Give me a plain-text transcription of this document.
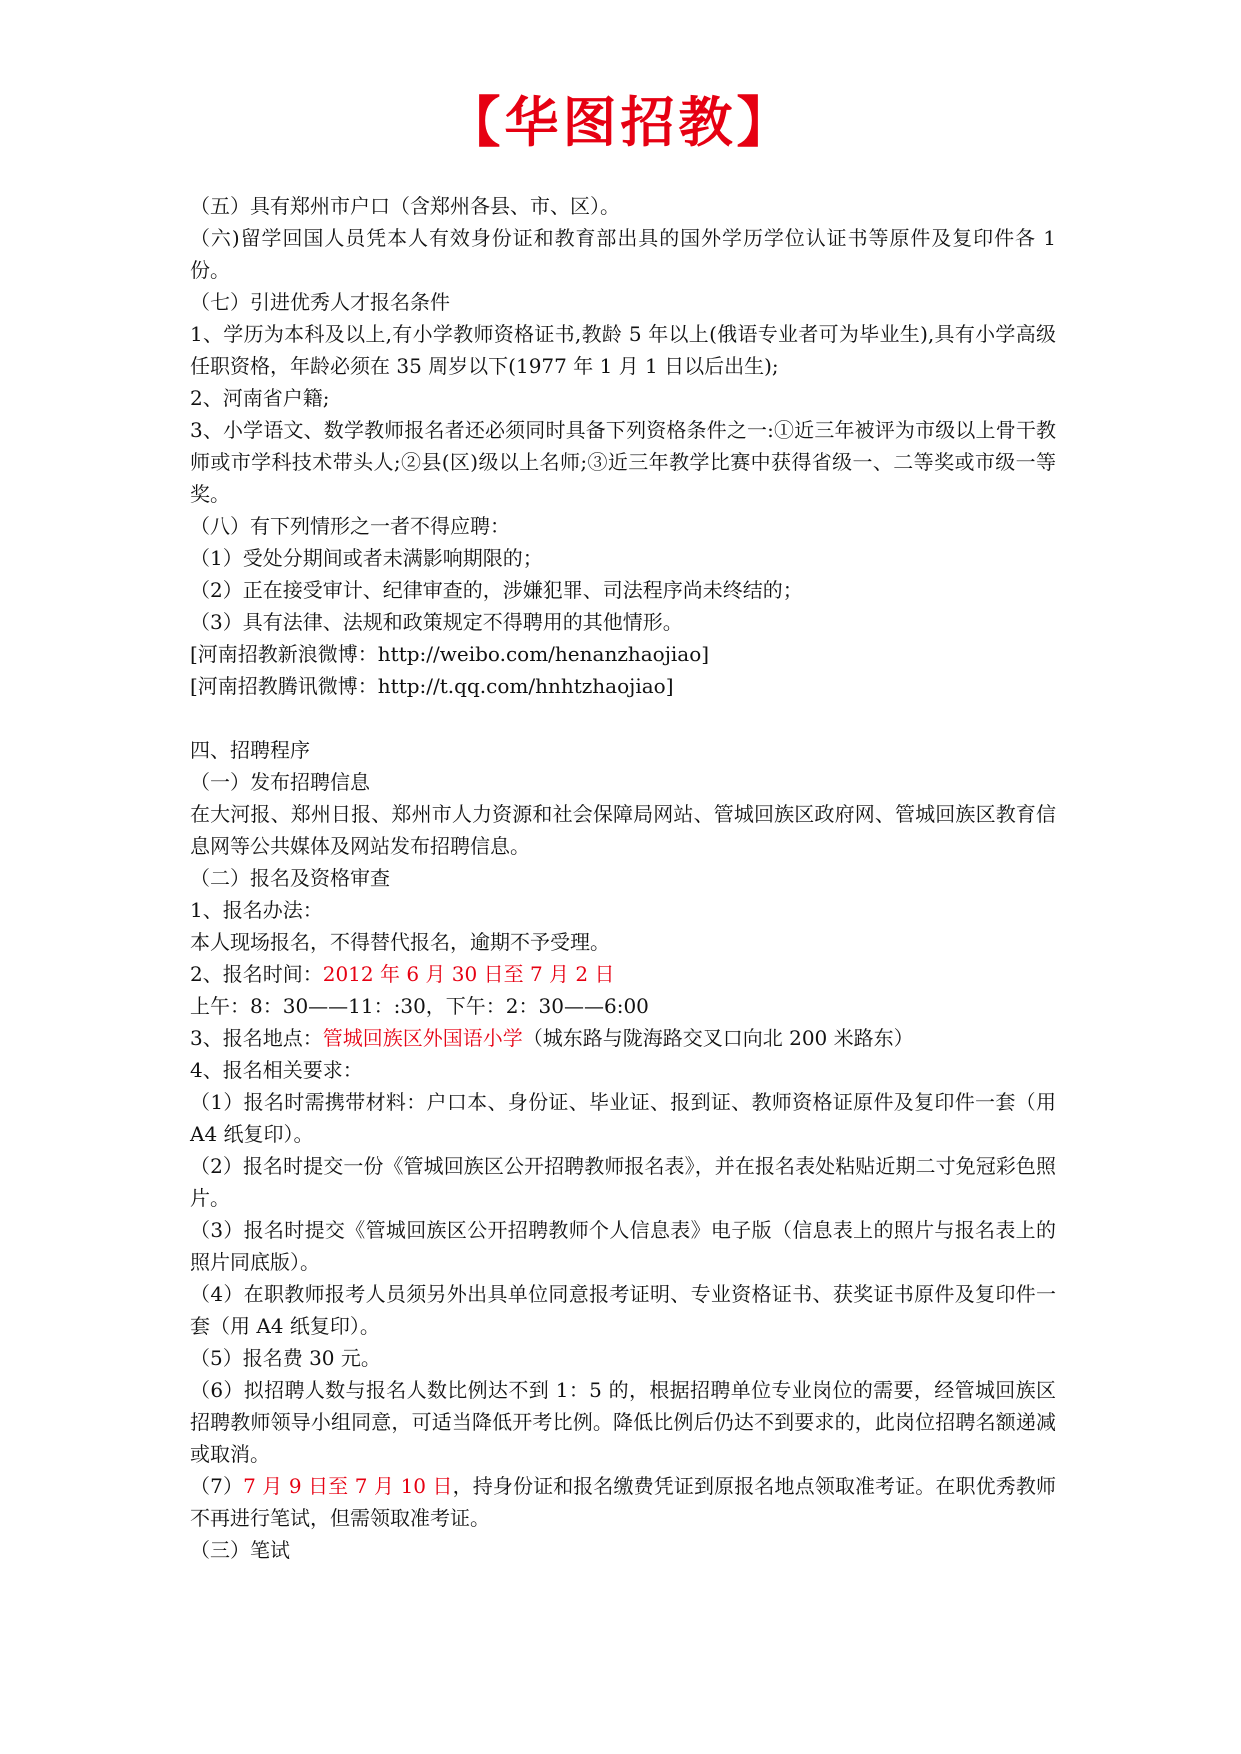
【华图招教】

（五）具有郑州市户口（含郑州各县、市、区）。

（六)留学回国人员凭本人有效身份证和教育部出具的国外学历学位认证书等原件及复印件各 1 份。

（七）引进优秀人才报名条件

1、学历为本科及以上,有小学教师资格证书,教龄 5 年以上(俄语专业者可为毕业生),具有小学高级任职资格，年龄必须在 35 周岁以下(1977 年 1 月 1 日以后出生);

2、河南省户籍;

3、小学语文、数学教师报名者还必须同时具备下列资格条件之一:①近三年被评为市级以上骨干教师或市学科技术带头人;②县(区)级以上名师;③近三年教学比赛中获得省级一、二等奖或市级一等奖。

（八）有下列情形之一者不得应聘：

（1）受处分期间或者未满影响期限的；

（2）正在接受审计、纪律审查的，涉嫌犯罪、司法程序尚未终结的；

（3）具有法律、法规和政策规定不得聘用的其他情形。

[河南招教新浪微博：http://weibo.com/henanzhaojiao]

[河南招教腾讯微博：http://t.qq.com/hnhtzhaojiao]

四、招聘程序

（一）发布招聘信息

在大河报、郑州日报、郑州市人力资源和社会保障局网站、管城回族区政府网、管城回族区教育信息网等公共媒体及网站发布招聘信息。

（二）报名及资格审查

1、报名办法：

本人现场报名，不得替代报名，逾期不予受理。

2、报名时间：2012 年 6 月 30 日至 7 月 2 日

上午：8：30——11：:30，下午：2：30——6:00

3、报名地点：管城回族区外国语小学（城东路与陇海路交叉口向北 200 米路东）

4、报名相关要求：

（1）报名时需携带材料：户口本、身份证、毕业证、报到证、教师资格证原件及复印件一套（用 A4 纸复印）。

（2）报名时提交一份《管城回族区公开招聘教师报名表》，并在报名表处粘贴近期二寸免冠彩色照片。

（3）报名时提交《管城回族区公开招聘教师个人信息表》电子版（信息表上的照片与报名表上的照片同底版）。

（4）在职教师报考人员须另外出具单位同意报考证明、专业资格证书、获奖证书原件及复印件一套（用 A4 纸复印）。

（5）报名费 30 元。

（6）拟招聘人数与报名人数比例达不到 1：5 的，根据招聘单位专业岗位的需要，经管城回族区招聘教师领导小组同意，可适当降低开考比例。降低比例后仍达不到要求的，此岗位招聘名额递减或取消。

（7）7 月 9 日至 7 月 10 日，持身份证和报名缴费凭证到原报名地点领取准考证。在职优秀教师不再进行笔试，但需领取准考证。

（三）笔试
